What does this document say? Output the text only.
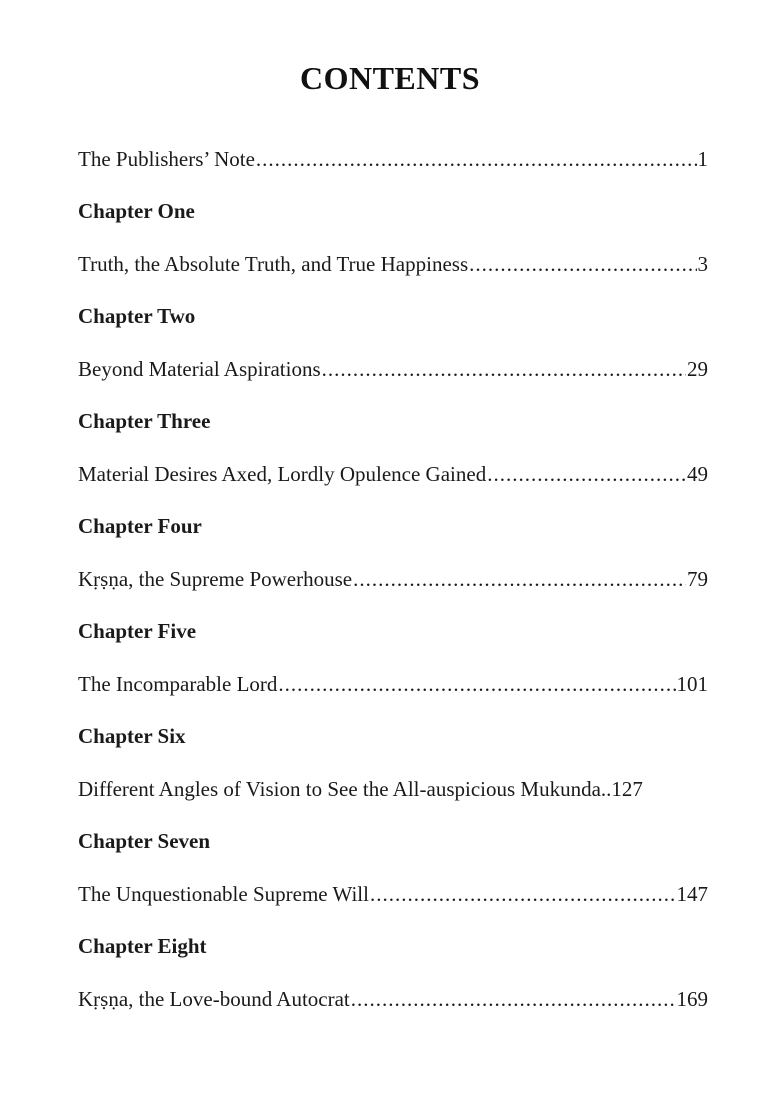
CONTENTS
The Publishers’ Note .....	1
Chapter One
Truth, the Absolute Truth, and True Happiness .....	3
Chapter Two
Beyond Material Aspirations .....	29
Chapter Three
Material Desires Axed, Lordly Opulence Gained .....	49
Chapter Four
Kṛṣṇa, the Supreme Powerhouse .....	79
Chapter Five
The Incomparable Lord .....	101
Chapter Six
Different Angles of Vision to See the All-auspicious Mukunda.. 127
Chapter Seven
The Unquestionable Supreme Will .....	147
Chapter Eight
Kṛṣṇa, the Love-bound Autocrat .....	169
